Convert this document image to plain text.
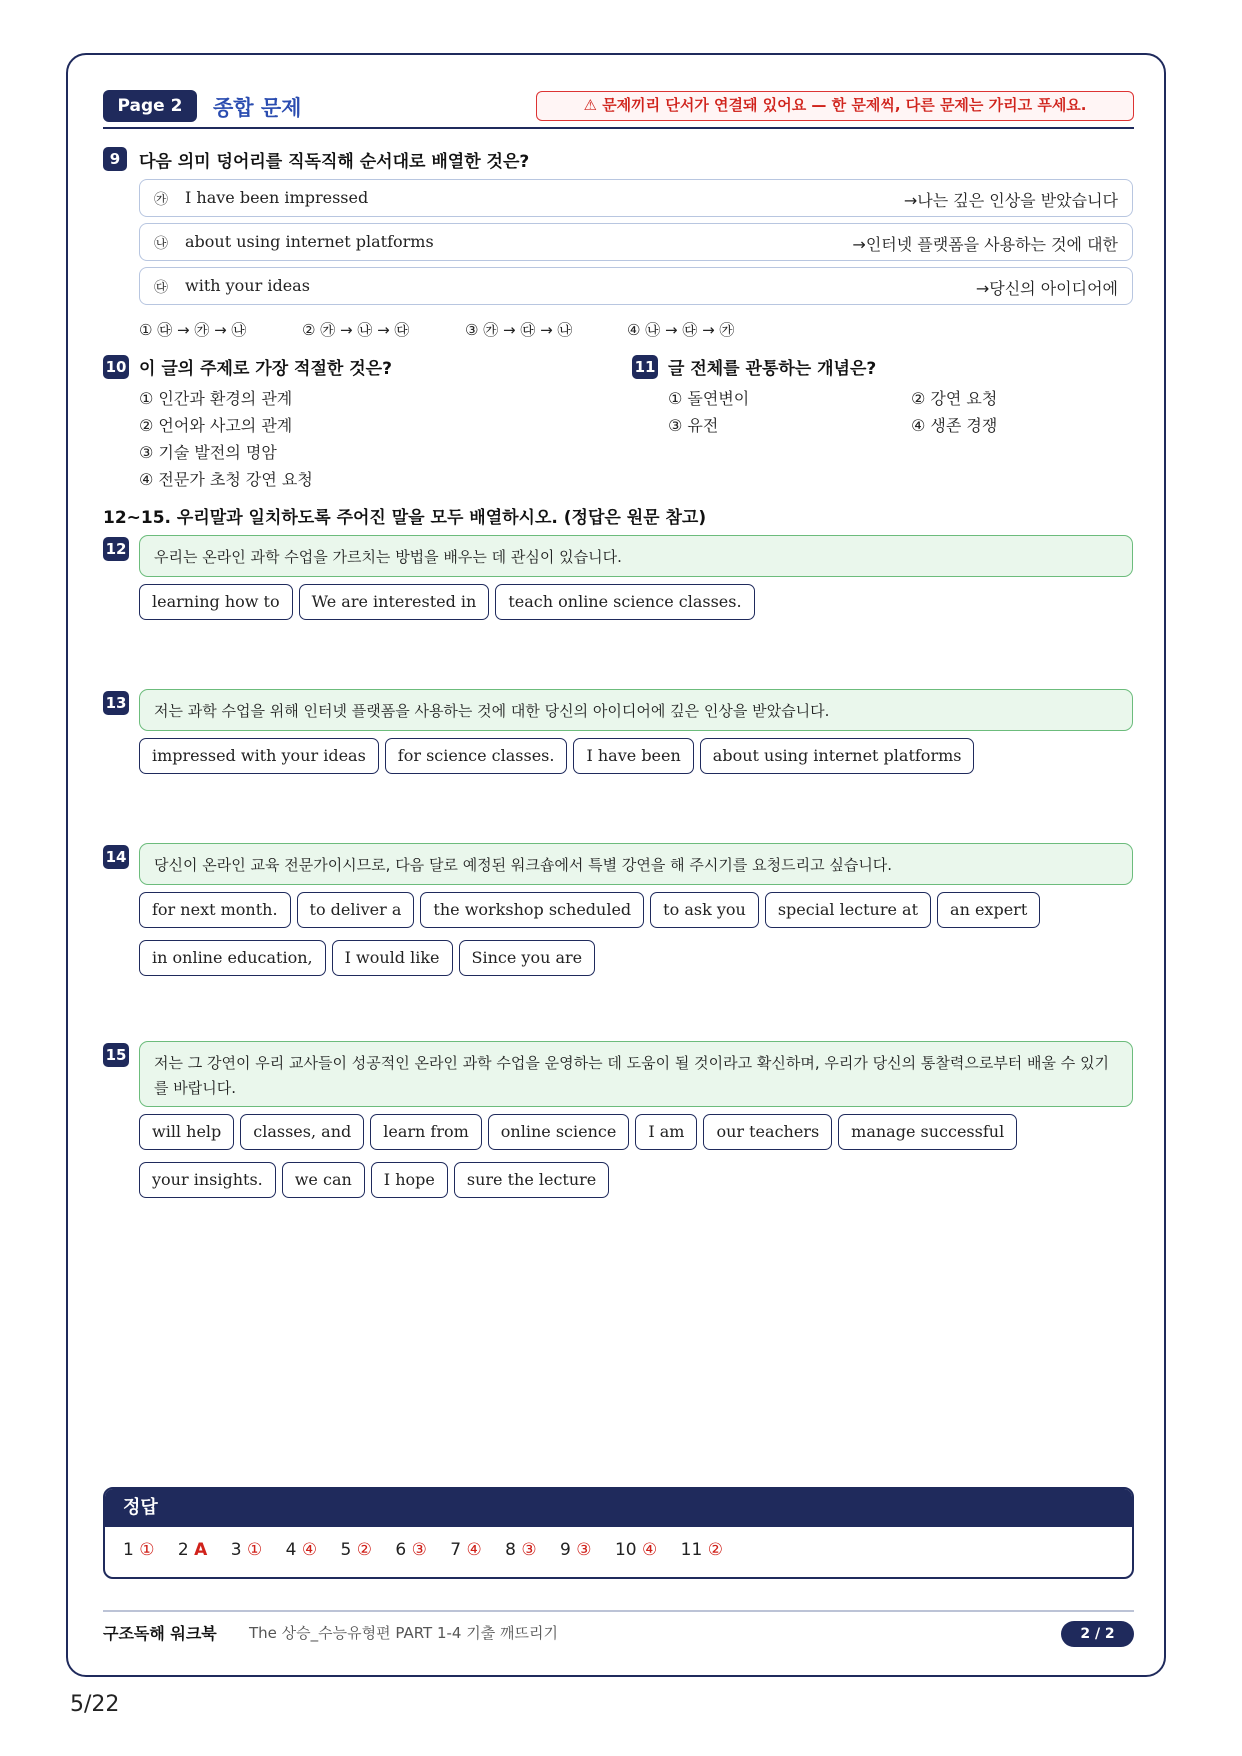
Page 2	종합 문제	⚠ 문제끼리 단서가 연결돼 있어요 — 한 문제씩, 다른 문제는 가리고 푸세요.
9	다음 의미 덩어리를 직독직해 순서대로 배열한 것은?
㉮ I have been impressed	→나는 깊은 인상을 받았습니다
㉯ about using internet platforms	→인터넷 플랫폼을 사용하는 것에 대한
㉰ with your ideas	→당신의 아이디어에
① ㉰ → ㉮ → ㉯	② ㉮ → ㉯ → ㉰	③ ㉮ → ㉰ → ㉯	④ ㉯ → ㉰ → ㉮
10 이 글의 주제로 가장 적절한 것은?
① 인간과 환경의 관계
② 언어와 사고의 관계
③ 기술 발전의 명암
④ 전문가 초청 강연 요청
11 글 전체를 관통하는 개념은?
① 돌연변이	② 강연 요청
③ 유전	④ 생존 경쟁
12~15. 우리말과 일치하도록 주어진 말을 모두 배열하시오. (정답은 원문 참고)
12	우리는 온라인 과학 수업을 가르치는 방법을 배우는 데 관심이 있습니다.
learning how to	We are interested in	teach online science classes.
13	저는 과학 수업을 위해 인터넷 플랫폼을 사용하는 것에 대한 당신의 아이디어에 깊은 인상을 받았습니다.
impressed with your ideas	for science classes.	I have been	about using internet platforms
14	당신이 온라인 교육 전문가이시므로, 다음 달로 예정된 워크숍에서 특별 강연을 해 주시기를 요청드리고 싶습니다.
for next month.	to deliver a	the workshop scheduled	to ask you	special lecture at	an expert
in online education,	I would like	Since you are
15	저는 그 강연이 우리 교사들이 성공적인 온라인 과학 수업을 운영하는 데 도움이 될 것이라고 확신하며, 우리가 당신의 통찰력으로부터 배울 수 있기를 바랍니다.
will help	classes, and	learn from	online science	I am	our teachers	manage successful
your insights.	we can	I hope	sure the lecture
정답
1 ① 2 A 3 ① 4 ④ 5 ② 6 ③ 7 ④ 8 ③ 9 ③ 10 ④ 11 ②
구조독해 워크북 The 상승_수능유형편 PART 1-4 기출 깨뜨리기	2 / 2
5/22
